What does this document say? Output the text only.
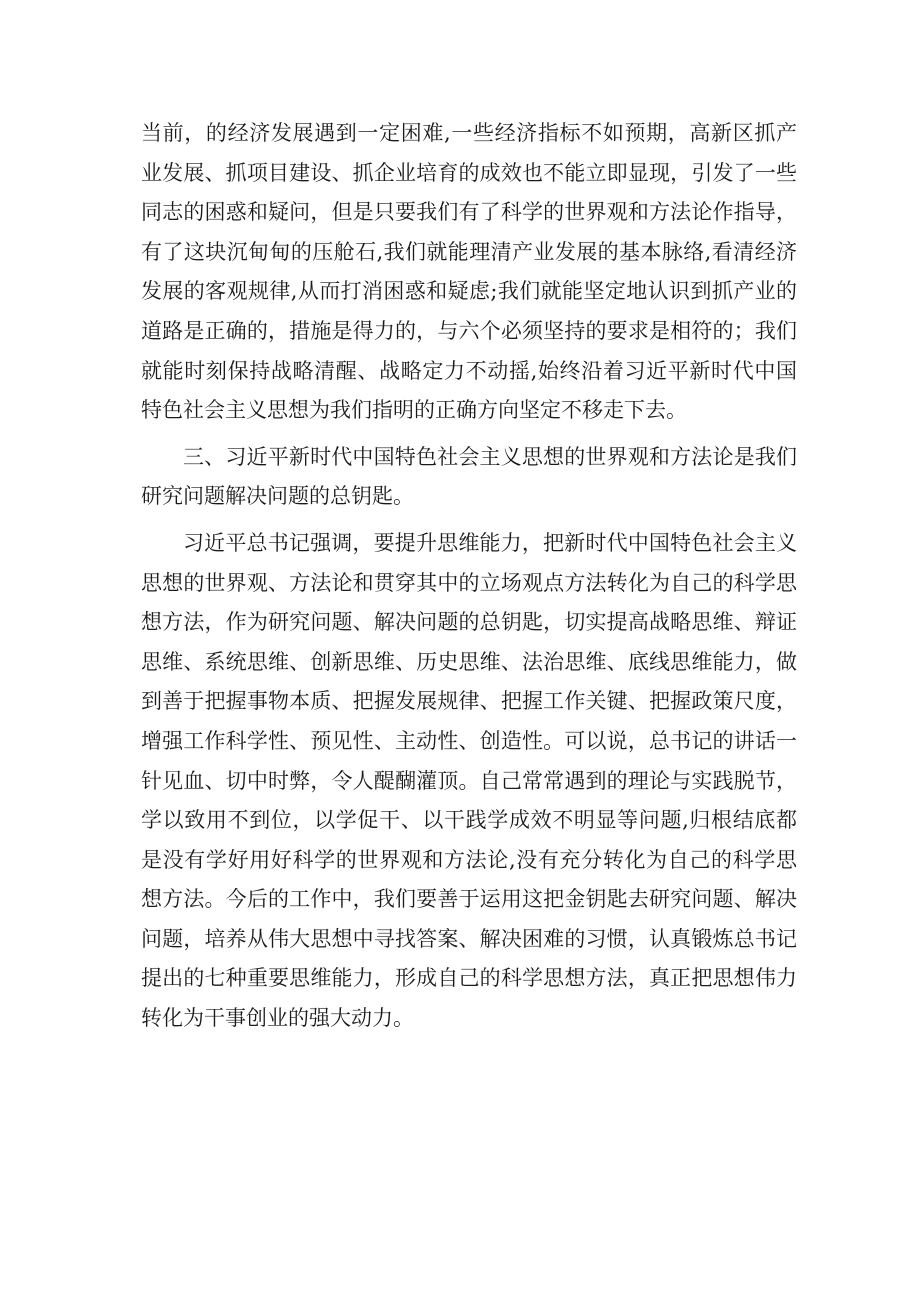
当前，的经济发展遇到一定困难,一些经济指标不如预期，高新区抓产业发展、抓项目建设、抓企业培育的成效也不能立即显现，引发了一些同志的困惑和疑问，但是只要我们有了科学的世界观和方法论作指导，有了这块沉甸甸的压舱石,我们就能理清产业发展的基本脉络,看清经济发展的客观规律,从而打消困惑和疑虑;我们就能坚定地认识到抓产业的道路是正确的，措施是得力的，与六个必须坚持的要求是相符的；我们就能时刻保持战略清醒、战略定力不动摇,始终沿着习近平新时代中国特色社会主义思想为我们指明的正确方向坚定不移走下去。

三、习近平新时代中国特色社会主义思想的世界观和方法论是我们研究问题解决问题的总钥匙。

习近平总书记强调，要提升思维能力，把新时代中国特色社会主义思想的世界观、方法论和贯穿其中的立场观点方法转化为自己的科学思想方法，作为研究问题、解决问题的总钥匙，切实提高战略思维、辩证思维、系统思维、创新思维、历史思维、法治思维、底线思维能力，做到善于把握事物本质、把握发展规律、把握工作关键、把握政策尺度，增强工作科学性、预见性、主动性、创造性。可以说，总书记的讲话一针见血、切中时弊，令人醍醐灌顶。自己常常遇到的理论与实践脱节，学以致用不到位，以学促干、以干践学成效不明显等问题,归根结底都是没有学好用好科学的世界观和方法论,没有充分转化为自己的科学思想方法。今后的工作中，我们要善于运用这把金钥匙去研究问题、解决问题，培养从伟大思想中寻找答案、解决困难的习惯，认真锻炼总书记提出的七种重要思维能力，形成自己的科学思想方法，真正把思想伟力转化为干事创业的强大动力。
